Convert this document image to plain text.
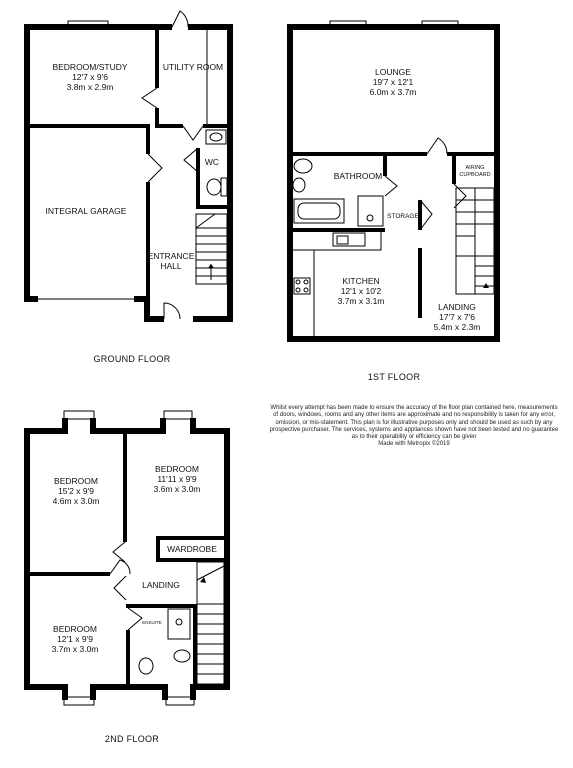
BEDROOM/STUDY
12'7 x 9'6
3.8m x 2.9m
UTILITY ROOM
WC
INTEGRAL GARAGE
ENTRANCE
HALL
GROUND FLOOR
LOUNGE
19'7 x 12'1
6.0m x 3.7m
BATHROOM
AIRING
CUPBOARD
STORAGE
KITCHEN
12'1 x 10'2
3.7m x 3.1m
LANDING
17'7 x 7'6
5.4m x 2.3m
1ST FLOOR
BEDROOM
15'2 x 9'9
4.6m x 3.0m
BEDROOM
11'11 x 9'9
3.6m x 3.0m
WARDROBE
LANDING
BEDROOM
12'1 x 9'9
3.7m x 3.0m
ENSUITE
2ND FLOOR
Whilst every attempt has been made to ensure the accuracy of the floor plan contained here, measurements
of doors, windows, rooms and any other items are approximate and no responsibility is taken for any error,
omission, or mis-statement. This plan is for illustrative purposes only and should be used as such by any
prospective purchaser. The services, systems and appliances shown have not been tested and no guarantee
as to their operability or efficiency can be given
Made with Metropix ©2019
